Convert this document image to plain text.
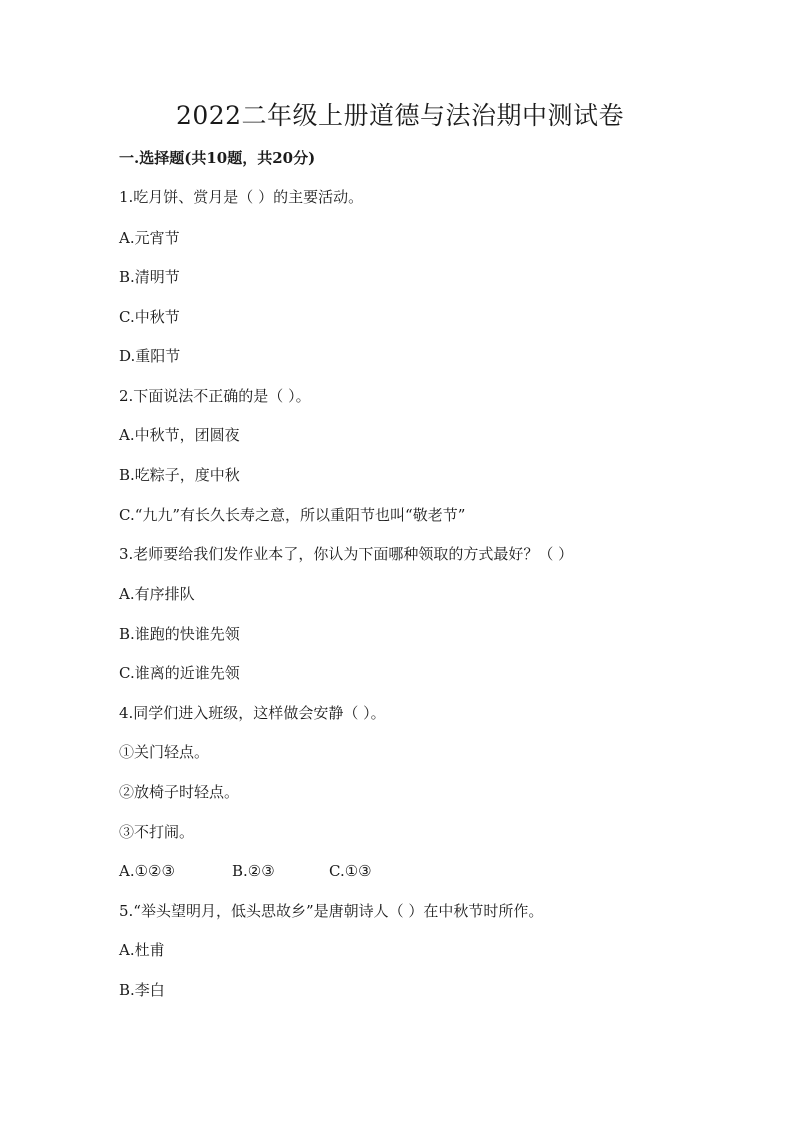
2022二年级上册道德与法治期中测试卷

一.选择题(共10题，共20分)

1.吃月饼、赏月是（ ）的主要活动。

A.元宵节

B.清明节

C.中秋节

D.重阳节

2.下面说法不正确的是（ ）。

A.中秋节，团圆夜

B.吃粽子，度中秋

C.“九九”有长久长寿之意，所以重阳节也叫“敬老节”

3.老师要给我们发作业本了，你认为下面哪种领取的方式最好？（ ）

A.有序排队

B.谁跑的快谁先领

C.谁离的近谁先领

4.同学们进入班级，这样做会安静（ ）。

①关门轻点。

②放椅子时轻点。

③不打闹。

A.①②③	B.②③	C.①③

5.“举头望明月，低头思故乡”是唐朝诗人（ ）在中秋节时所作。

A.杜甫

B.李白
